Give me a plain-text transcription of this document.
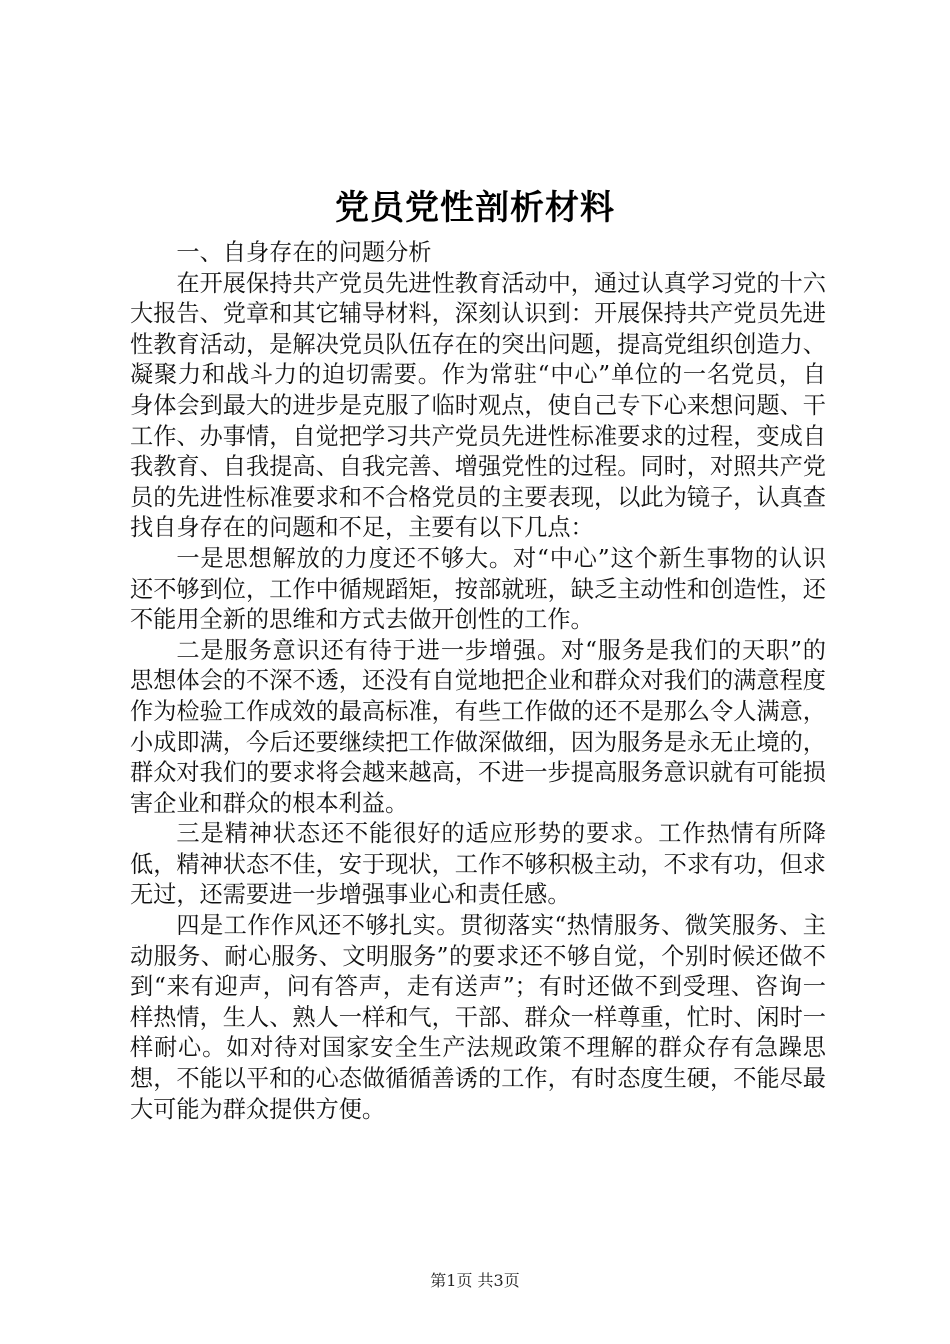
党员党性剖析材料

一、自身存在的问题分析

在开展保持共产党员先进性教育活动中，通过认真学习党的十六大报告、党章和其它辅导材料，深刻认识到：开展保持共产党员先进性教育活动，是解决党员队伍存在的突出问题，提高党组织创造力、凝聚力和战斗力的迫切需要。作为常驻“中心”单位的一名党员，自身体会到最大的进步是克服了临时观点，使自己专下心来想问题、干工作、办事情，自觉把学习共产党员先进性标准要求的过程，变成自我教育、自我提高、自我完善、增强党性的过程。同时，对照共产党员的先进性标准要求和不合格党员的主要表现，以此为镜子，认真查找自身存在的问题和不足，主要有以下几点：

一是思想解放的力度还不够大。对“中心”这个新生事物的认识还不够到位，工作中循规蹈矩，按部就班，缺乏主动性和创造性，还不能用全新的思维和方式去做开创性的工作。

二是服务意识还有待于进一步增强。对“服务是我们的天职”的思想体会的不深不透，还没有自觉地把企业和群众对我们的满意程度作为检验工作成效的最高标准，有些工作做的还不是那么令人满意，小成即满，今后还要继续把工作做深做细，因为服务是永无止境的，群众对我们的要求将会越来越高，不进一步提高服务意识就有可能损害企业和群众的根本利益。

三是精神状态还不能很好的适应形势的要求。工作热情有所降低，精神状态不佳，安于现状，工作不够积极主动，不求有功，但求无过，还需要进一步增强事业心和责任感。

四是工作作风还不够扎实。贯彻落实“热情服务、微笑服务、主动服务、耐心服务、文明服务”的要求还不够自觉，个别时候还做不到“来有迎声，问有答声，走有送声”；有时还做不到受理、咨询一样热情，生人、熟人一样和气，干部、群众一样尊重，忙时、闲时一样耐心。如对待对国家安全生产法规政策不理解的群众存有急躁思想，不能以平和的心态做循循善诱的工作，有时态度生硬，不能尽最大可能为群众提供方便。

第1页 共3页
